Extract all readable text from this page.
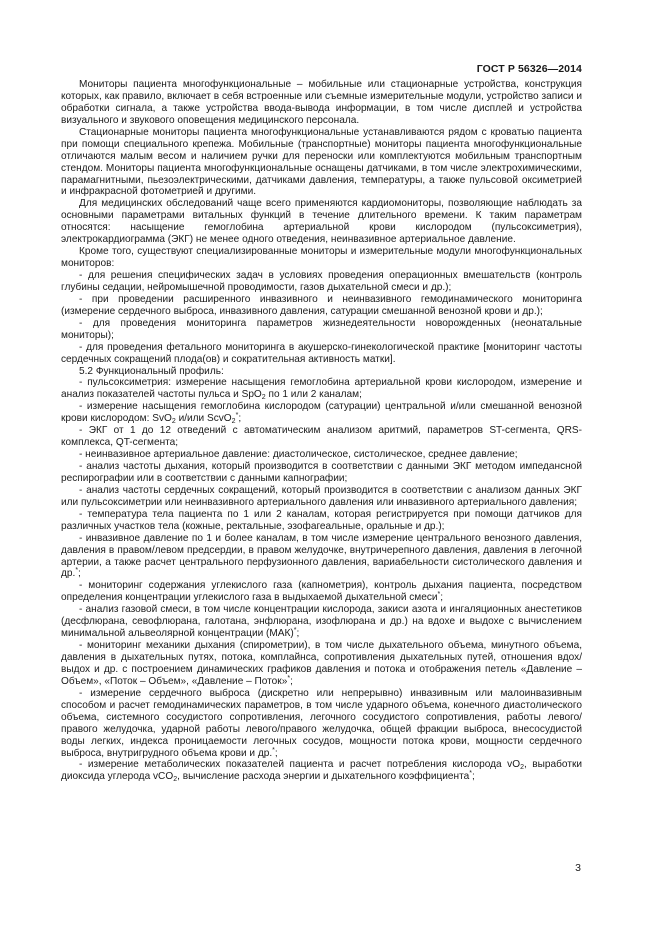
ГОСТ Р 56326—2014

Мониторы пациента многофункциональные – мобильные или стационарные устройства, конструкция которых, как правило, включает в себя встроенные или съемные измерительные модули, устройство записи и обработки сигнала, а также устройства ввода-вывода информации, в том числе дисплей и устройства визуального и звукового оповещения медицинского персонала.

Стационарные мониторы пациента многофункциональные устанавливаются рядом с кроватью пациента при помощи специального крепежа. Мобильные (транспортные) мониторы пациента многофункциональные отличаются малым весом и наличием ручки для переноски или комплектуются мобильным транспортным стендом. Мониторы пациента многофункциональные оснащены датчиками, в том числе электрохимическими, парамагнитными, пьезоэлектрическими, датчиками давления, температуры, а также пульсовой оксиметрией и инфракрасной фотометрией и другими.

Для медицинских обследований чаще всего применяются кардиомониторы, позволяющие наблюдать за основными параметрами витальных функций в течение длительного времени. К таким параметрам относятся: насыщение гемоглобина артериальной крови кислородом (пульсоксиметрия), электрокардиограмма (ЭКГ) не менее одного отведения, неинвазивное артериальное давление.

Кроме того, существуют специализированные мониторы и измерительные модули многофункциональных мониторов:

- для решения специфических задач в условиях проведения операционных вмешательств (контроль глубины седации, нейромышечной проводимости, газов дыхательной смеси и др.);

- при проведении расширенного инвазивного и неинвазивного гемодинамического мониторинга (измерение сердечного выброса, инвазивного давления, сатурации смешанной венозной крови и др.);

- для проведения мониторинга параметров жизнедеятельности новорожденных (неонатальные мониторы);

- для проведения фетального мониторинга в акушерско-гинекологической практике [мониторинг частоты сердечных сокращений плода(ов) и сократительная активность матки].

5.2 Функциональный профиль:

- пульсоксиметрия: измерение насыщения гемоглобина артериальной крови кислородом, измерение и анализ показателей частоты пульса и SpO$_2$ по 1 или 2 каналам;

- измерение насыщения гемоглобина кислородом (сатурации) центральной и/или смешанной венозной крови кислородом: SvO$_2$ и/или ScvO$_2$*;

- ЭКГ от 1 до 12 отведений с автоматическим анализом аритмий, параметров ST-сегмента, QRS-комплекса, QT-сегмента;

- неинвазивное артериальное давление: диастолическое, систолическое, среднее давление;

- анализ частоты дыхания, который производится в соответствии с данными ЭКГ методом импедансной респирографии или в соответствии с данными капнографии;

- анализ частоты сердечных сокращений, который производится в соответствии с анализом данных ЭКГ или пульсоксиметрии или неинвазивного артериального давления или инвазивного артериального давления;

- температура тела пациента по 1 или 2 каналам, которая регистрируется при помощи датчиков для различных участков тела (кожные, ректальные, эзофагеальные, оральные и др.);

- инвазивное давление по 1 и более каналам, в том числе измерение центрального венозного давления, давления в правом/левом предсердии, в правом желудочке, внутричерепного давления, давления в легочной артерии, а также расчет центрального перфузионного давления, вариабельности систолического давления и др.*;

- мониторинг содержания углекислого газа (капнометрия), контроль дыхания пациента, посредством определения концентрации углекислого газа в выдыхаемой дыхательной смеси*;

- анализ газовой смеси, в том числе концентрации кислорода, закиси азота и ингаляционных анестетиков (десфлюрана, севофлюрана, галотана, энфлюрана, изофлюрана и др.) на вдохе и выдохе с вычислением минимальной альвеолярной концентрации (МАК)*;

- мониторинг механики дыхания (спирометрии), в том числе дыхательного объема, минутного объема, давления в дыхательных путях, потока, комплайнса, сопротивления дыхательных путей, отношения вдох/выдох и др. с построением динамических графиков давления и потока и отображения петель «Давление – Объем», «Поток – Объем», «Давление – Поток»*;

- измерение сердечного выброса (дискретно или непрерывно) инвазивным или малоинвазивным способом и расчет гемодинамических параметров, в том числе ударного объема, конечного диастолического объема, системного сосудистого сопротивления, легочного сосудистого сопротивления, работы левого/правого желудочка, ударной работы левого/правого желудочка, общей фракции выброса, внесосудистой воды легких, индекса проницаемости легочных сосудов, мощности потока крови, мощности сердечного выброса, внутригрудного объема крови и др.*;

- измерение метаболических показателей пациента и расчет потребления кислорода $vO_2$, выработки диоксида углерода vCO$_2$, вычисление расхода энергии и дыхательного коэффициента*;

3
